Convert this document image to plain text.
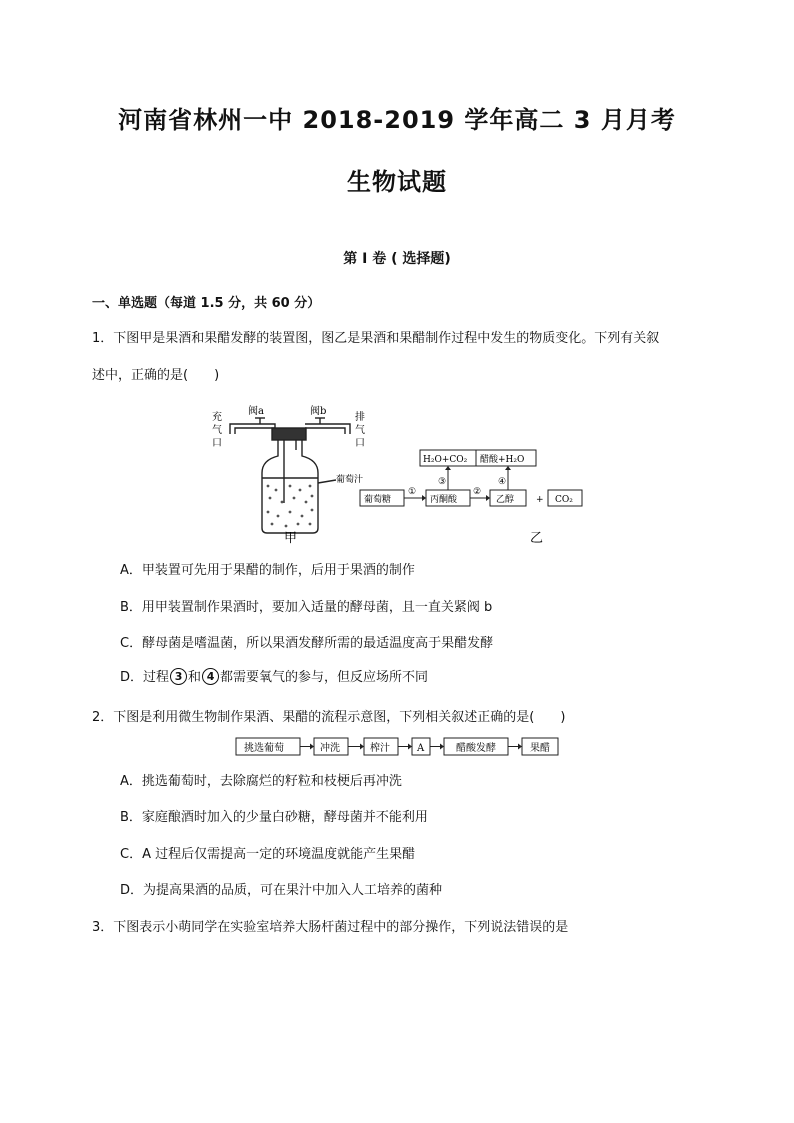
河南省林州一中 2018-2019 学年高二 3 月月考
生物试题
第 I 卷 ( 选择题)
一、单选题（每道 1.5 分，共 60 分）
1．下图甲是果酒和果醋发酵的装置图，图乙是果酒和果醋制作过程中发生的物质变化。下列有关叙
述中，正确的是(　　)
阀a	阀b
充
气
口
排
气
口
葡萄汁
甲
葡萄糖	丙酮酸	乙醇 + CO₂
H₂O+CO₂ 醋酸+H₂O
①	②
③	④
乙
A．甲装置可先用于果醋的制作，后用于果酒的制作
B．用甲装置制作果酒时，要加入适量的酵母菌，且一直关紧阀 b
C．酵母菌是嗜温菌，所以果酒发酵所需的最适温度高于果醋发酵
D．过程 3 和 4 都需要氧气的参与，但反应场所不同
2．下图是利用微生物制作果酒、果醋的流程示意图，下列相关叙述正确的是(　　)
挑选葡萄	冲洗	榨汁	A	醋酸发酵	果醋
A．挑选葡萄时，去除腐烂的籽粒和枝梗后再冲洗
B．家庭酿酒时加入的少量白砂糖，酵母菌并不能利用
C．A 过程后仅需提高一定的环境温度就能产生果醋
D．为提高果酒的品质，可在果汁中加入人工培养的菌种
3．下图表示小萌同学在实验室培养大肠杆菌过程中的部分操作，下列说法错误的是
